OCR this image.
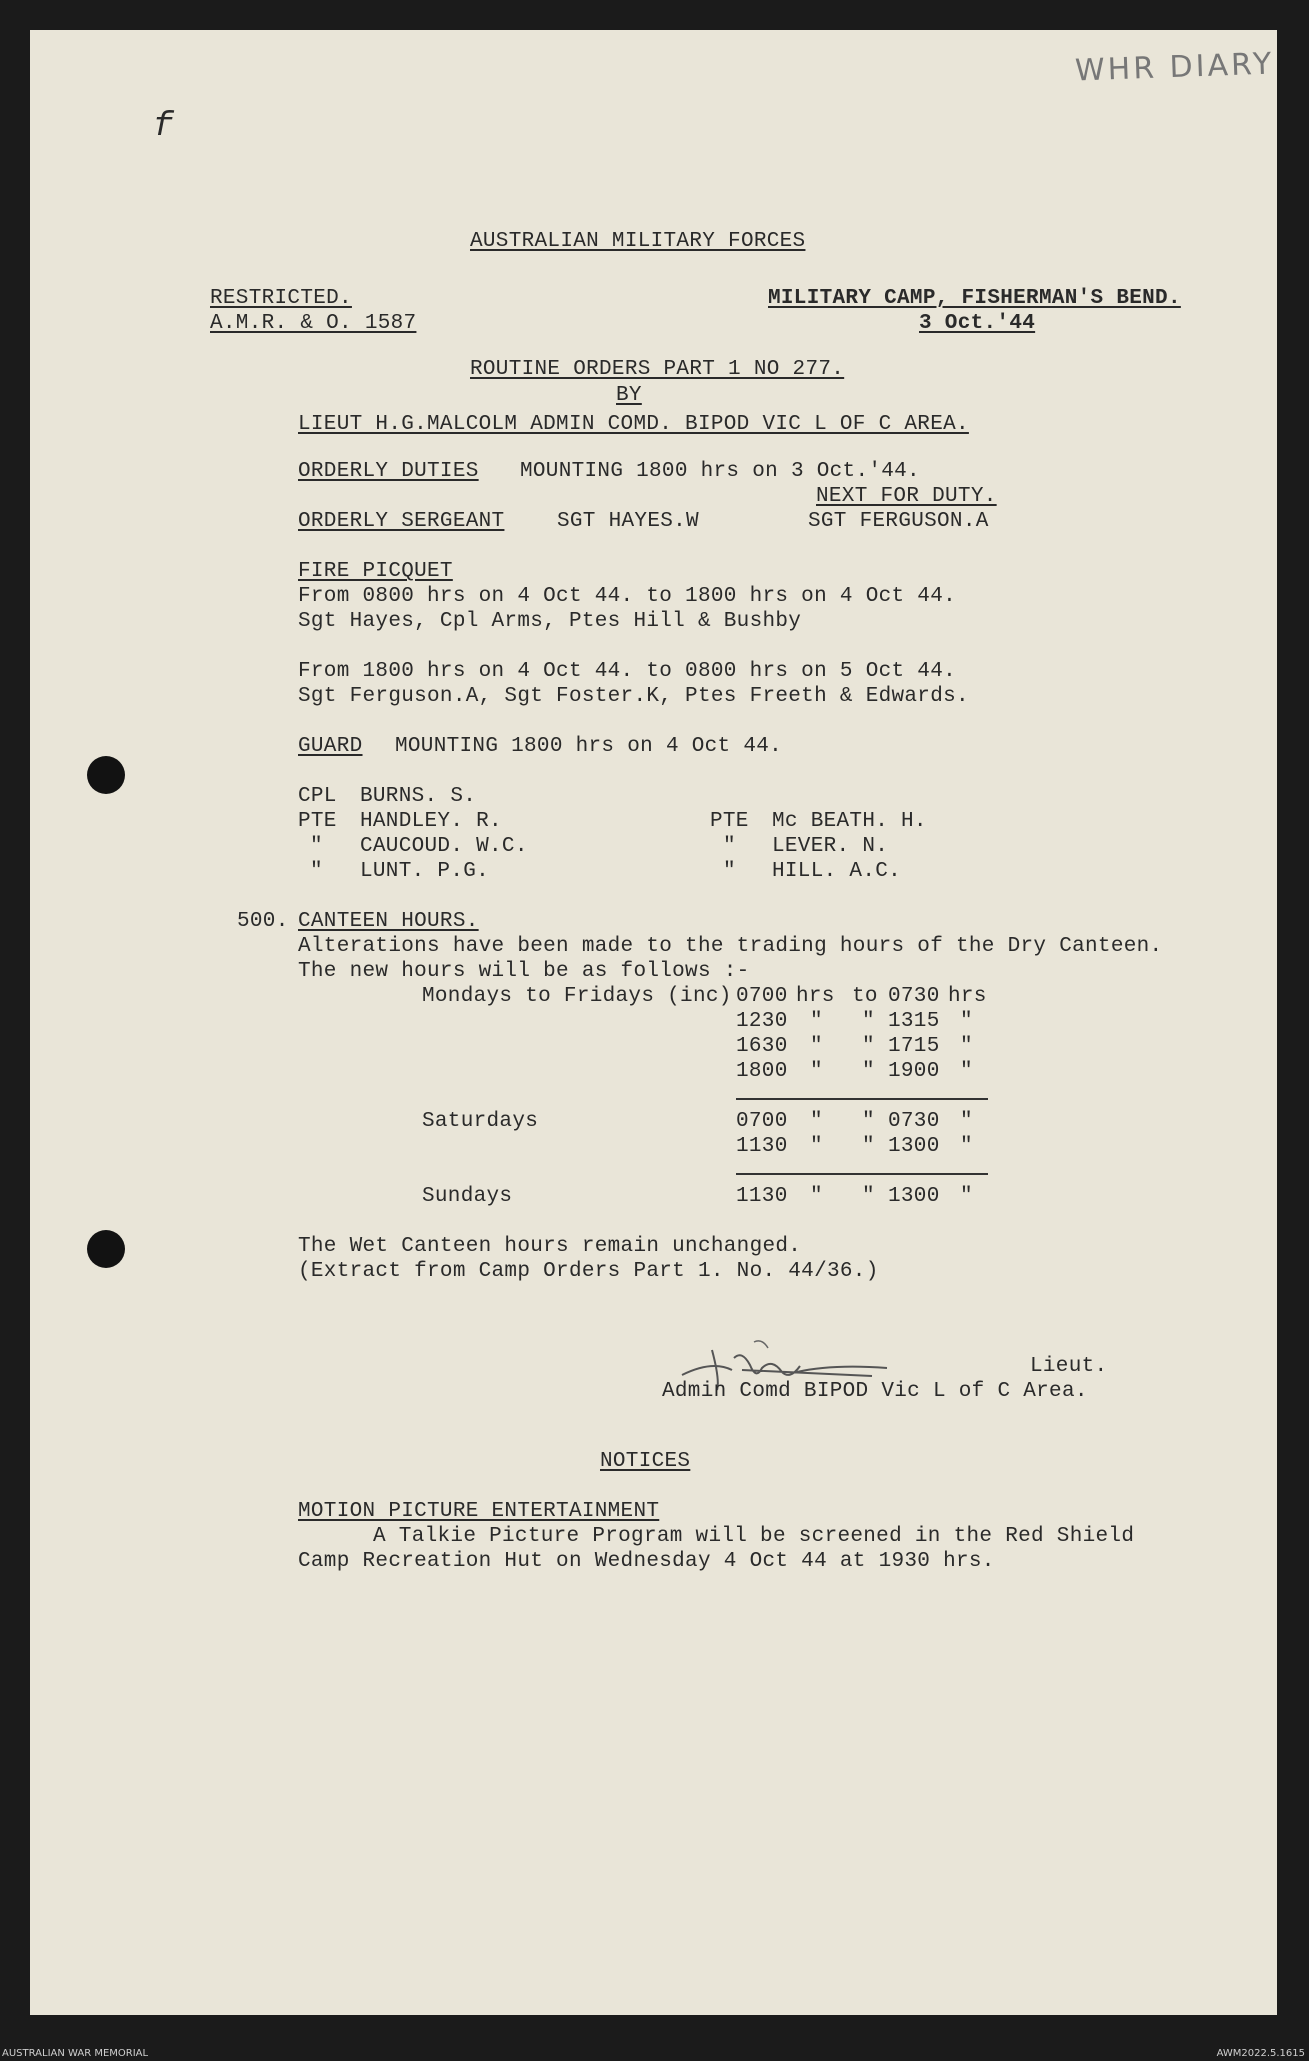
WHR DIARY
f
AUSTRALIAN MILITARY FORCES
RESTRICTED.
A.M.R. & O. 1587
MILITARY CAMP, FISHERMAN'S BEND.
3 Oct.'44
ROUTINE ORDERS PART 1 NO 277.
BY
LIEUT H.G.MALCOLM ADMIN COMD. BIPOD VIC L OF C AREA.
ORDERLY DUTIES MOUNTING 1800 hrs on 3 Oct.'44.
NEXT FOR DUTY.
ORDERLY SERGEANT	SGT HAYES.W	SGT FERGUSON.A
FIRE PICQUET
From 0800 hrs on 4 Oct 44. to 1800 hrs on 4 Oct 44.
Sgt Hayes, Cpl Arms, Ptes Hill & Bushby
From 1800 hrs on 4 Oct 44. to 0800 hrs on 5 Oct 44.
Sgt Ferguson.A, Sgt Foster.K, Ptes Freeth & Edwards.
GUARD MOUNTING 1800 hrs on 4 Oct 44.
CPL BURNS. S.
PTE HANDLEY. R.
" CAUCOUD. W.C.
" LUNT. P.G.
PTE Mc BEATH. H.
" LEVER. N.
" HILL. A.C.
500. CANTEEN HOURS.
Alterations have been made to the trading hours of the Dry Canteen.
The new hours will be as follows :-
Mondays to Fridays (inc) 0700 hrs to 0730 hrs
1230 " " 1315 "
1630 " " 1715 "
1800 " " 1900 "
Saturdays	0700 " " 0730 "
1130 " " 1300 "
Sundays	1130 " " 1300 "
The Wet Canteen hours remain unchanged.
(Extract from Camp Orders Part 1. No. 44/36.)
Lieut.
Admin Comd BIPOD Vic L of C Area.
NOTICES
MOTION PICTURE ENTERTAINMENT
A Talkie Picture Program will be screened in the Red Shield
Camp Recreation Hut on Wednesday 4 Oct 44 at 1930 hrs.
AUSTRALIAN WAR MEMORIAL	AWM2022.5.1615
